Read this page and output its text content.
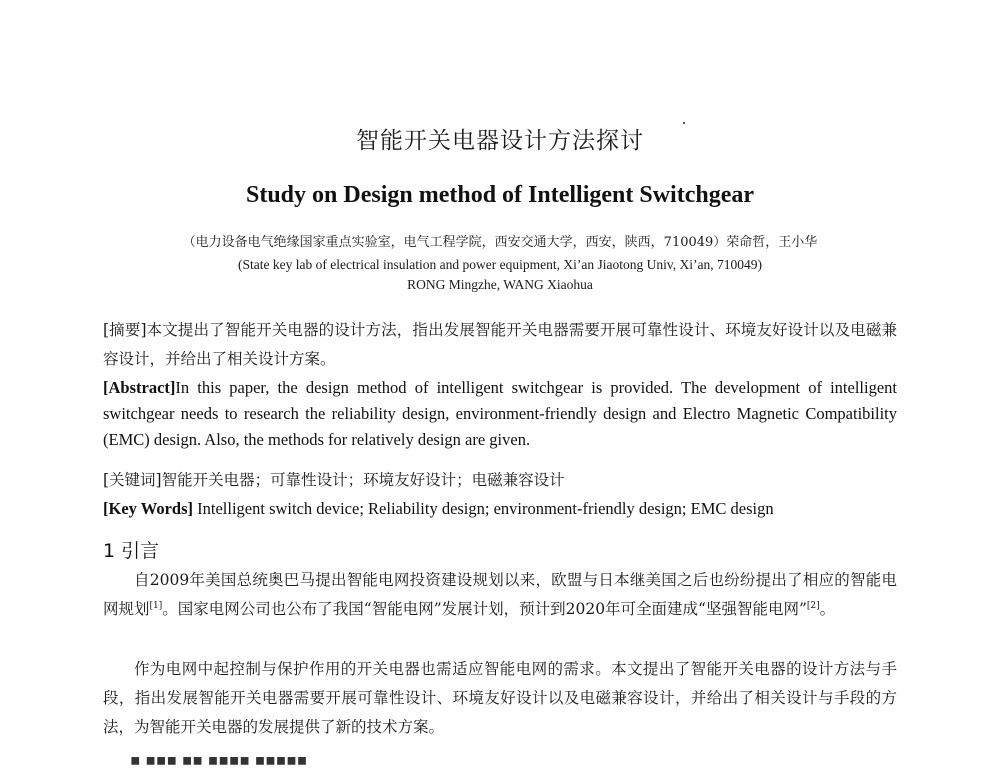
智能开关电器设计方法探讨
Study on Design method of Intelligent Switchgear
（电力设备电气绝缘国家重点实验室，电气工程学院，西安交通大学，西安，陕西，710049）荣命哲，王小华
(State key lab of electrical insulation and power equipment, Xi’an Jiaotong Univ, Xi’an, 710049)
RONG Mingzhe, WANG Xiaohua
[摘要]本文提出了智能开关电器的设计方法，指出发展智能开关电器需要开展可靠性设计、环境友好设计以及电磁兼容设计，并给出了相关设计方案。
[Abstract]In this paper, the design method of intelligent switchgear is provided. The development of intelligent switchgear needs to research the reliability design, environment-friendly design and Electro Magnetic Compatibility (EMC) design. Also, the methods for relatively design are given.
[关键词]智能开关电器；可靠性设计；环境友好设计；电磁兼容设计
[Key Words] Intelligent switch device; Reliability design; environment-friendly design; EMC design
1 引言
自2009年美国总统奥巴马提出智能电网投资建设规划以来，欧盟与日本继美国之后也纷纷提出了相应的智能电网规划[1]。国家电网公司也公布了我国“智能电网”发展计划，预计到2020年可全面建成“坚强智能电网”[2]。
作为电网中起控制与保护作用的开关电器也需适应智能电网的需求。本文提出了智能开关电器的设计方法与手段，指出发展智能开关电器需要开展可靠性设计、环境友好设计以及电磁兼容设计，并给出了相关设计与手段的方法，为智能开关电器的发展提供了新的技术方案。
▪ ▪▪▪ ▪▪ ▪▪▪▪ ▪▪▪▪▪
